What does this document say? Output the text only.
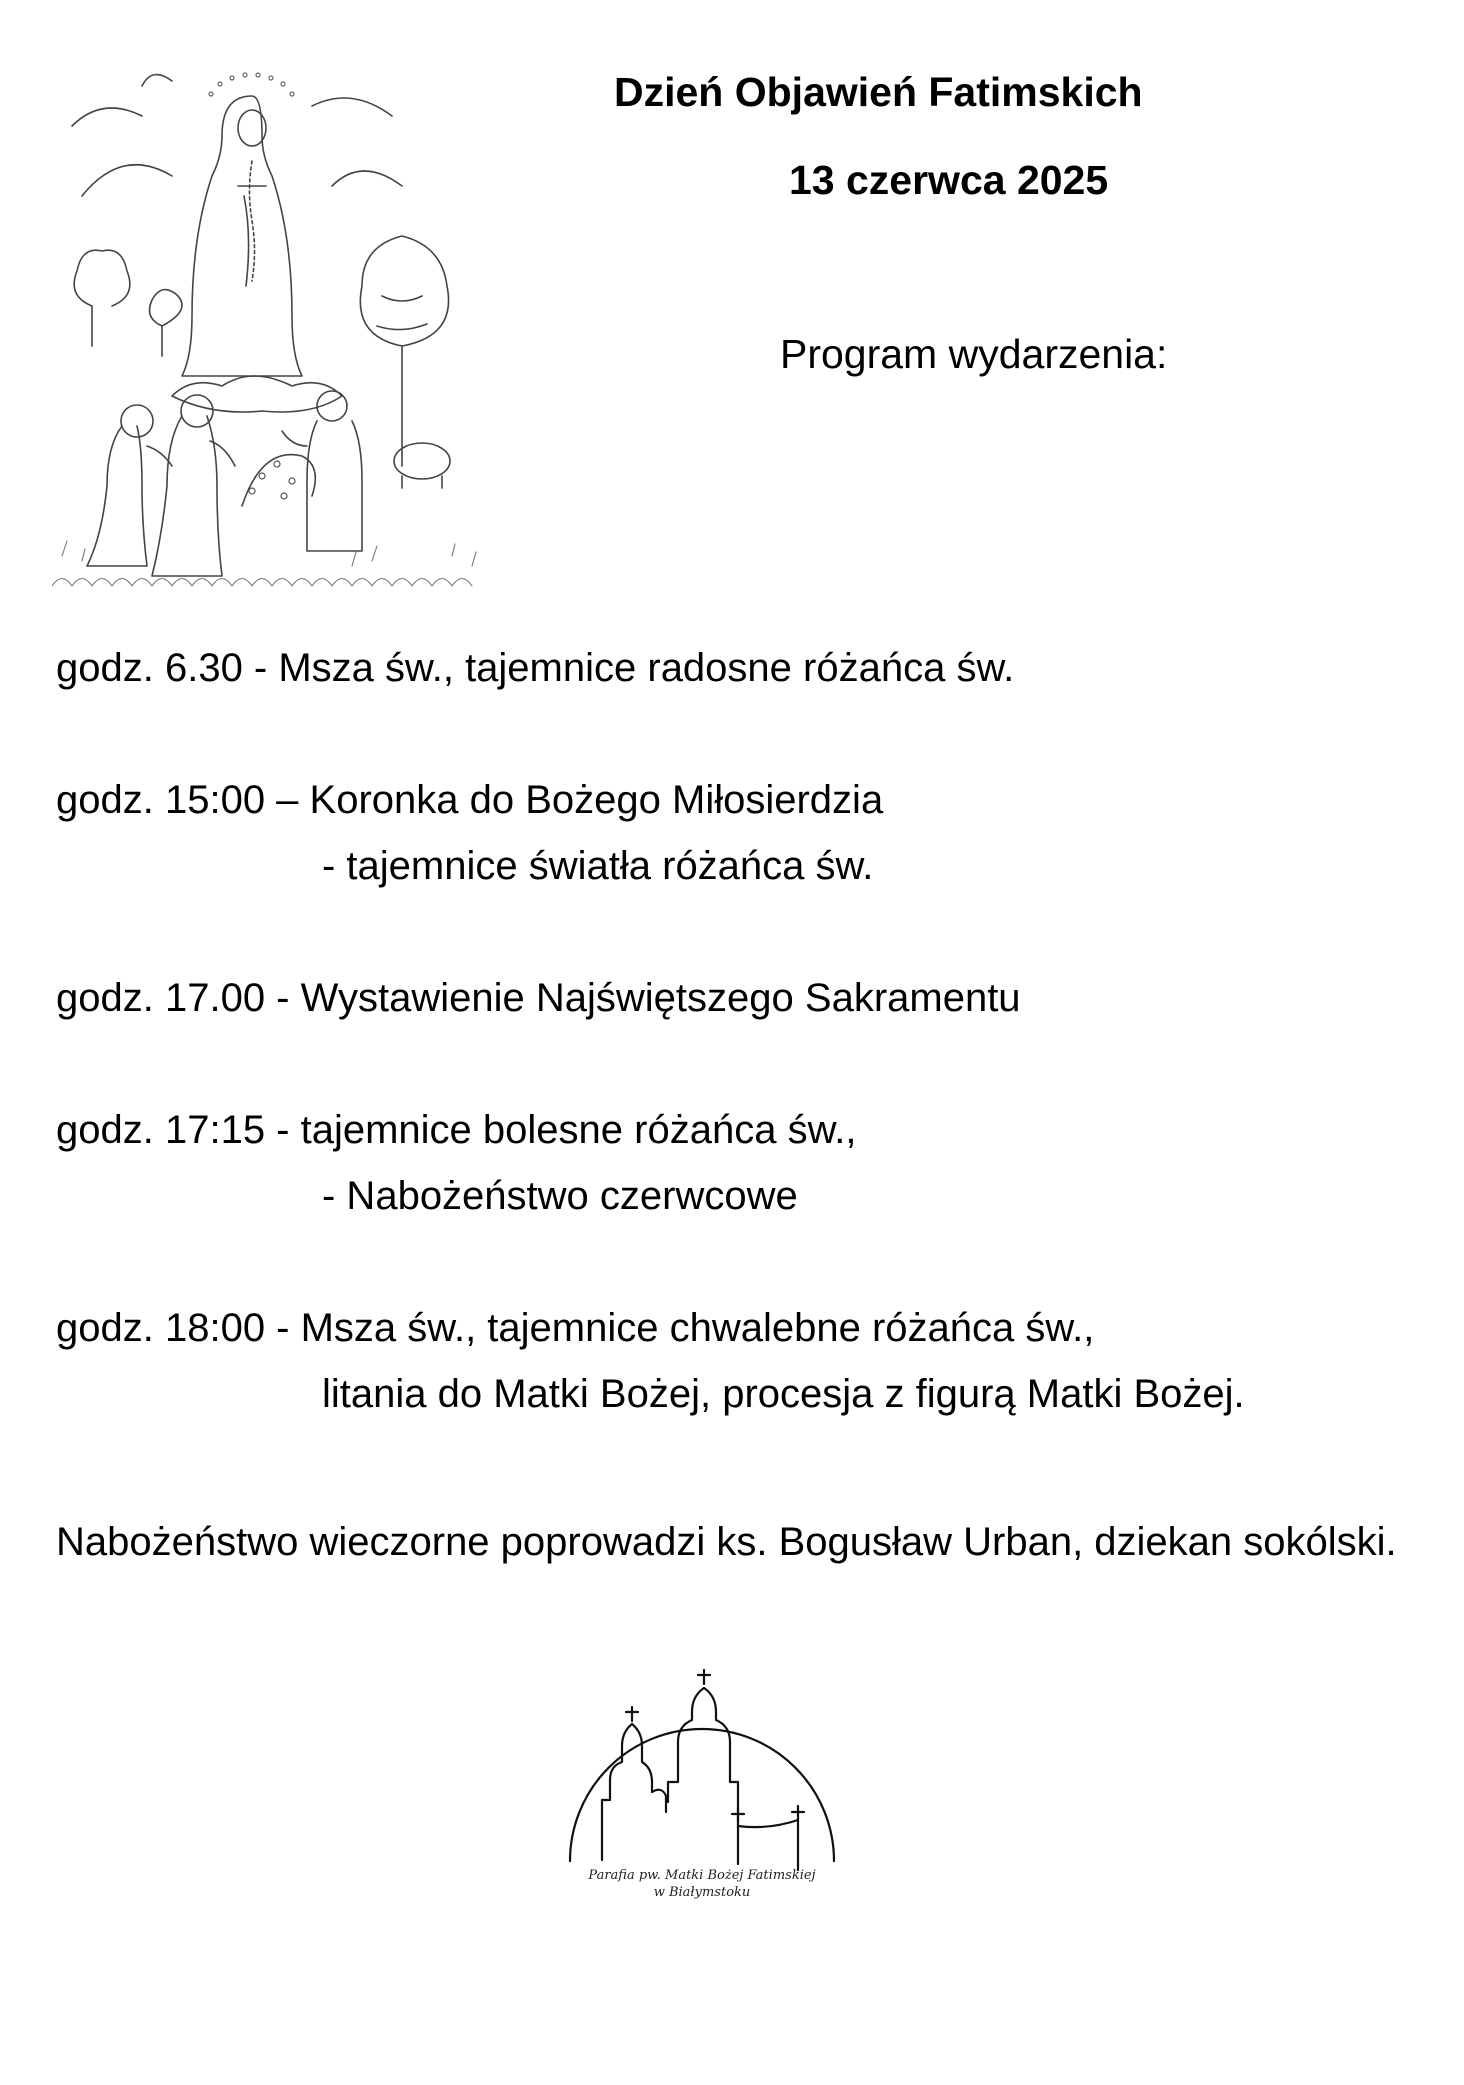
Dzień Objawień Fatimskich
13 czerwca 2025
Program wydarzenia:
godz. 6.30 - Msza św., tajemnice radosne różańca św.
godz. 15:00 – Koronka do Bożego Miłosierdzia
- tajemnice światła różańca św.
godz. 17.00 - Wystawienie Najświętszego Sakramentu
godz. 17:15 - tajemnice bolesne różańca św.,
- Nabożeństwo czerwcowe
godz. 18:00 - Msza św., tajemnice chwalebne różańca św.,
litania do Matki Bożej, procesja z figurą Matki Bożej.
Nabożeństwo wieczorne poprowadzi ks. Bogusław Urban, dziekan sokólski.
Parafia pw. Matki Bożej Fatimskiej
w Białymstoku
